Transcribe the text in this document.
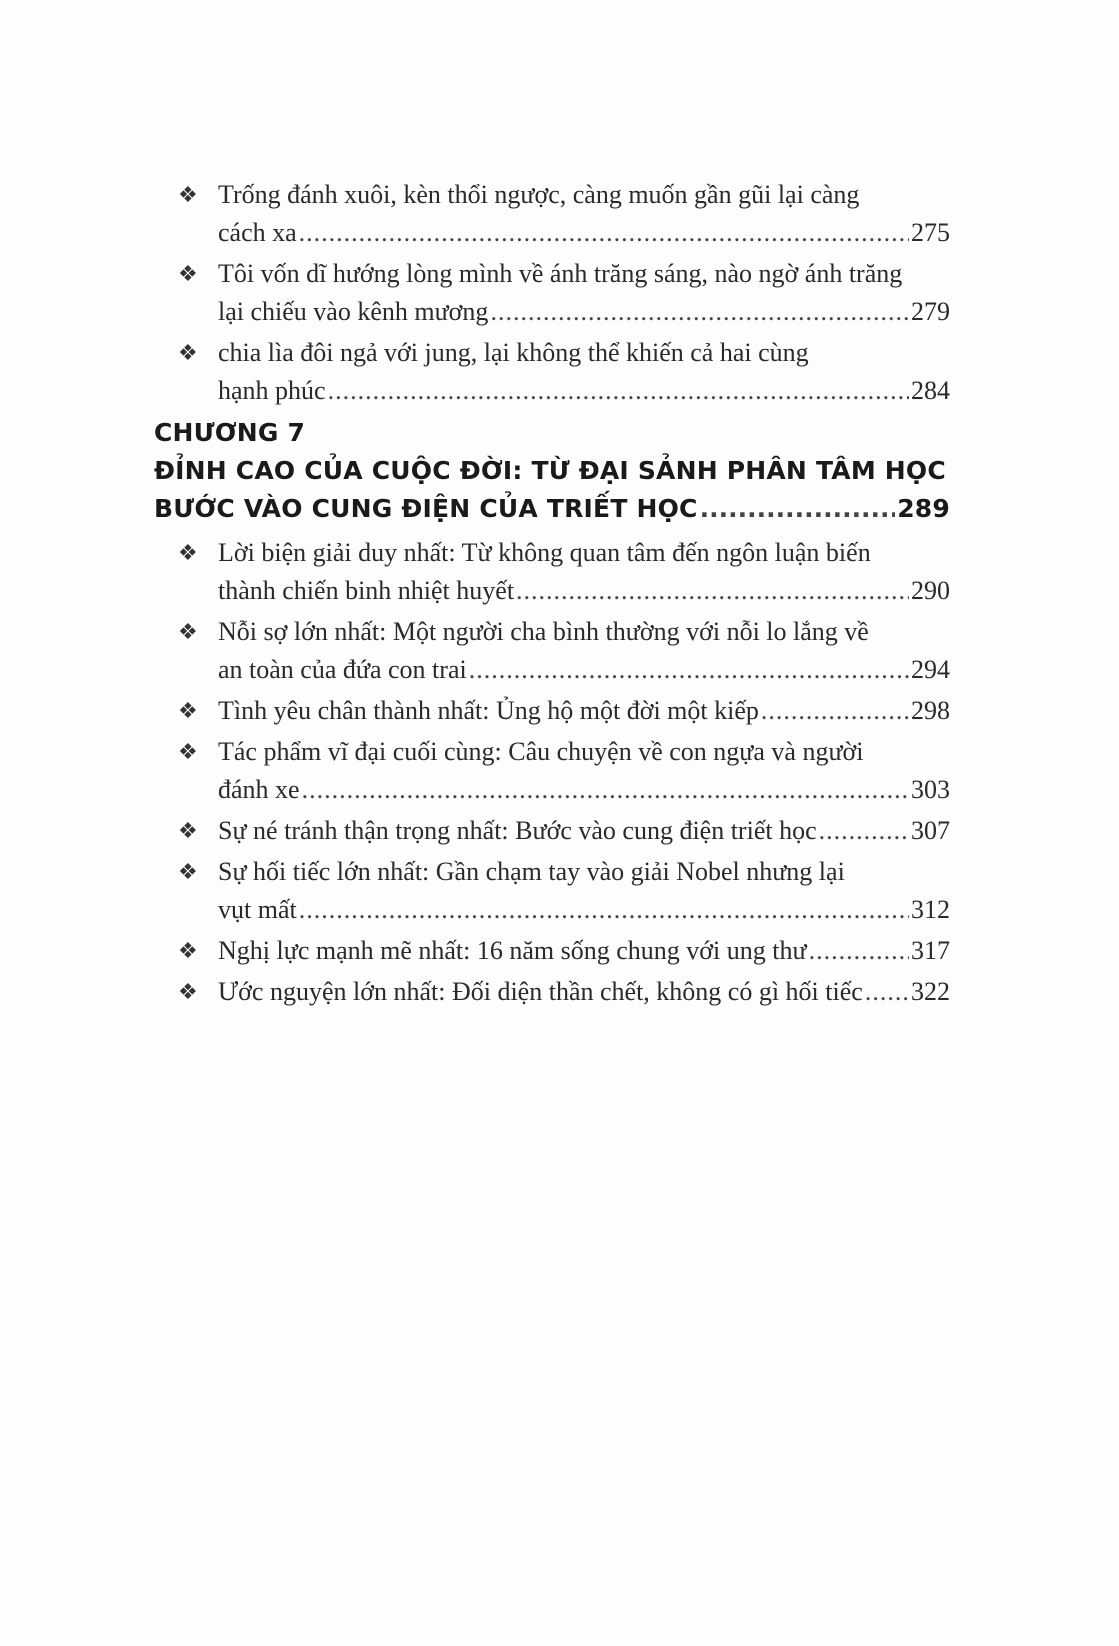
❖ Trống đánh xuôi, kèn thổi ngược, càng muốn gần gũi lại càng
cách xa .....	275
❖ Tôi vốn dĩ hướng lòng mình về ánh trăng sáng, nào ngờ ánh trăng
lại chiếu vào kênh mương .....	279
❖ chia lìa đôi ngả với jung, lại không thể khiến cả hai cùng
hạnh phúc .....	284
CHƯƠNG 7
ĐỈNH CAO CỦA CUỘC ĐỜI: TỪ ĐẠI SẢNH PHÂN TÂM HỌC
BƯỚC VÀO CUNG ĐIỆN CỦA TRIẾT HỌC .....	289
❖ Lời biện giải duy nhất: Từ không quan tâm đến ngôn luận biến
thành chiến binh nhiệt huyết .....	290
❖ Nỗi sợ lớn nhất: Một người cha bình thường với nỗi lo lắng về
an toàn của đứa con trai .....	294
❖ Tình yêu chân thành nhất: Ủng hộ một đời một kiếp .....	298
❖ Tác phẩm vĩ đại cuối cùng: Câu chuyện về con ngựa và người
đánh xe .....	303
❖ Sự né tránh thận trọng nhất: Bước vào cung điện triết học .....	307
❖ Sự hối tiếc lớn nhất: Gần chạm tay vào giải Nobel nhưng lại
vụt mất .....	312
❖ Nghị lực mạnh mẽ nhất: 16 năm sống chung với ung thư .....	317
❖ Ước nguyện lớn nhất: Đối diện thần chết, không có gì hối tiếc ..... 322
